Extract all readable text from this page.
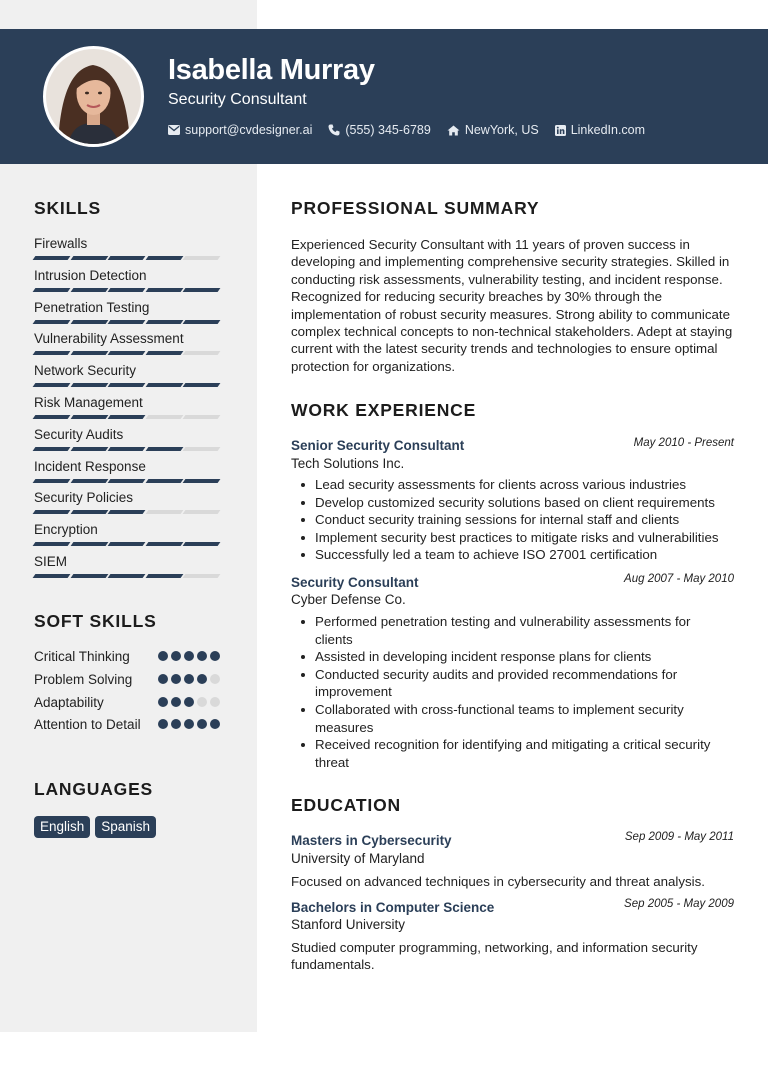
Isabella Murray
Security Consultant
support@cvdesigner.ai	(555) 345-6789	NewYork, US	LinkedIn.com
SKILLS
Firewalls
Intrusion Detection
Penetration Testing
Vulnerability Assessment
Network Security
Risk Management
Security Audits
Incident Response
Security Policies
Encryption
SIEM
SOFT SKILLS
Critical Thinking
Problem Solving
Adaptability
Attention to Detail
LANGUAGES
English	Spanish
PROFESSIONAL SUMMARY
Experienced Security Consultant with 11 years of proven success in developing and implementing comprehensive security strategies. Skilled in conducting risk assessments, vulnerability testing, and incident response. Recognized for reducing security breaches by 30% through the implementation of robust security measures. Strong ability to communicate complex technical concepts to non-technical stakeholders. Adept at staying current with the latest security trends and technologies to ensure optimal protection for organizations.
WORK EXPERIENCE
Senior Security Consultant	May 2010 - Present
Tech Solutions Inc.
Lead security assessments for clients across various industries
Develop customized security solutions based on client requirements
Conduct security training sessions for internal staff and clients
Implement security best practices to mitigate risks and vulnerabilities
Successfully led a team to achieve ISO 27001 certification
Security Consultant	Aug 2007 - May 2010
Cyber Defense Co.
Performed penetration testing and vulnerability assessments for clients
Assisted in developing incident response plans for clients
Conducted security audits and provided recommendations for improvement
Collaborated with cross-functional teams to implement security measures
Received recognition for identifying and mitigating a critical security threat
EDUCATION
Masters in Cybersecurity	Sep 2009 - May 2011
University of Maryland
Focused on advanced techniques in cybersecurity and threat analysis.
Bachelors in Computer Science	Sep 2005 - May 2009
Stanford University
Studied computer programming, networking, and information security fundamentals.
